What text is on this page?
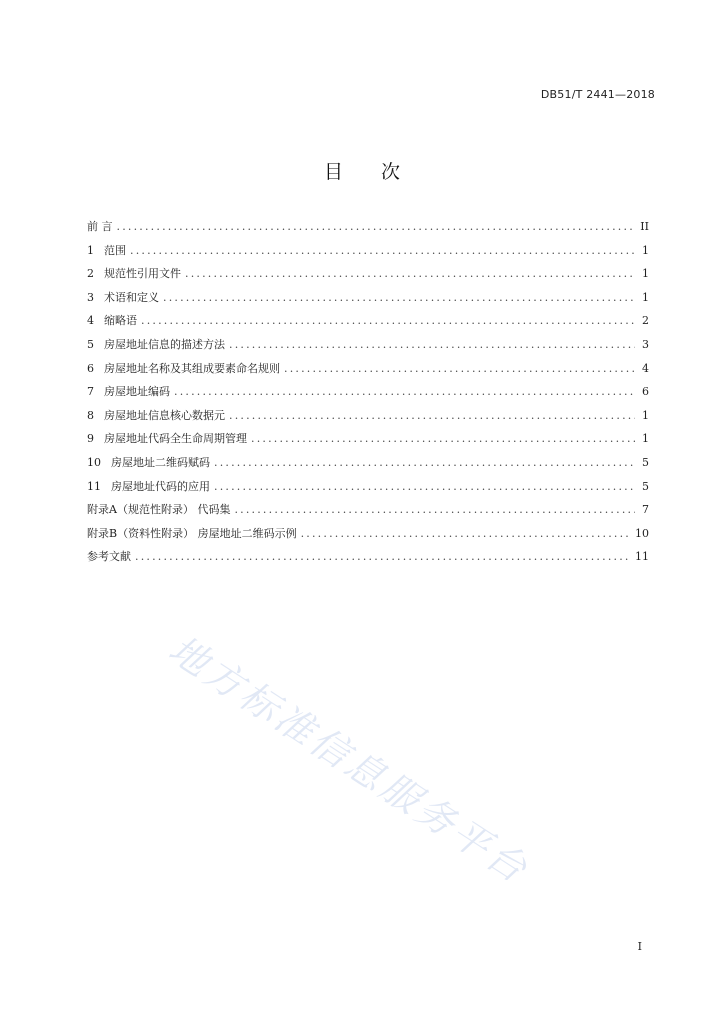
DB51/T 2441—2018
目 次
前 言 .....	II
1 范围 .....	1
2 规范性引用文件 .....	1
3 术语和定义 .....	1
4 缩略语 .....	2
5 房屋地址信息的描述方法 .....	3
6 房屋地址名称及其组成要素命名规则 .....	4
7 房屋地址编码 .....	6
8 房屋地址信息核心数据元 .....	1
9 房屋地址代码全生命周期管理 .....	1
10 房屋地址二维码赋码 .....	5
11 房屋地址代码的应用 .....	5
附录A（规范性附录） 代码集 .....	7
附录B（资料性附录） 房屋地址二维码示例 .....	10
参考文献 .....	11
地方标准信息服务平台
I
